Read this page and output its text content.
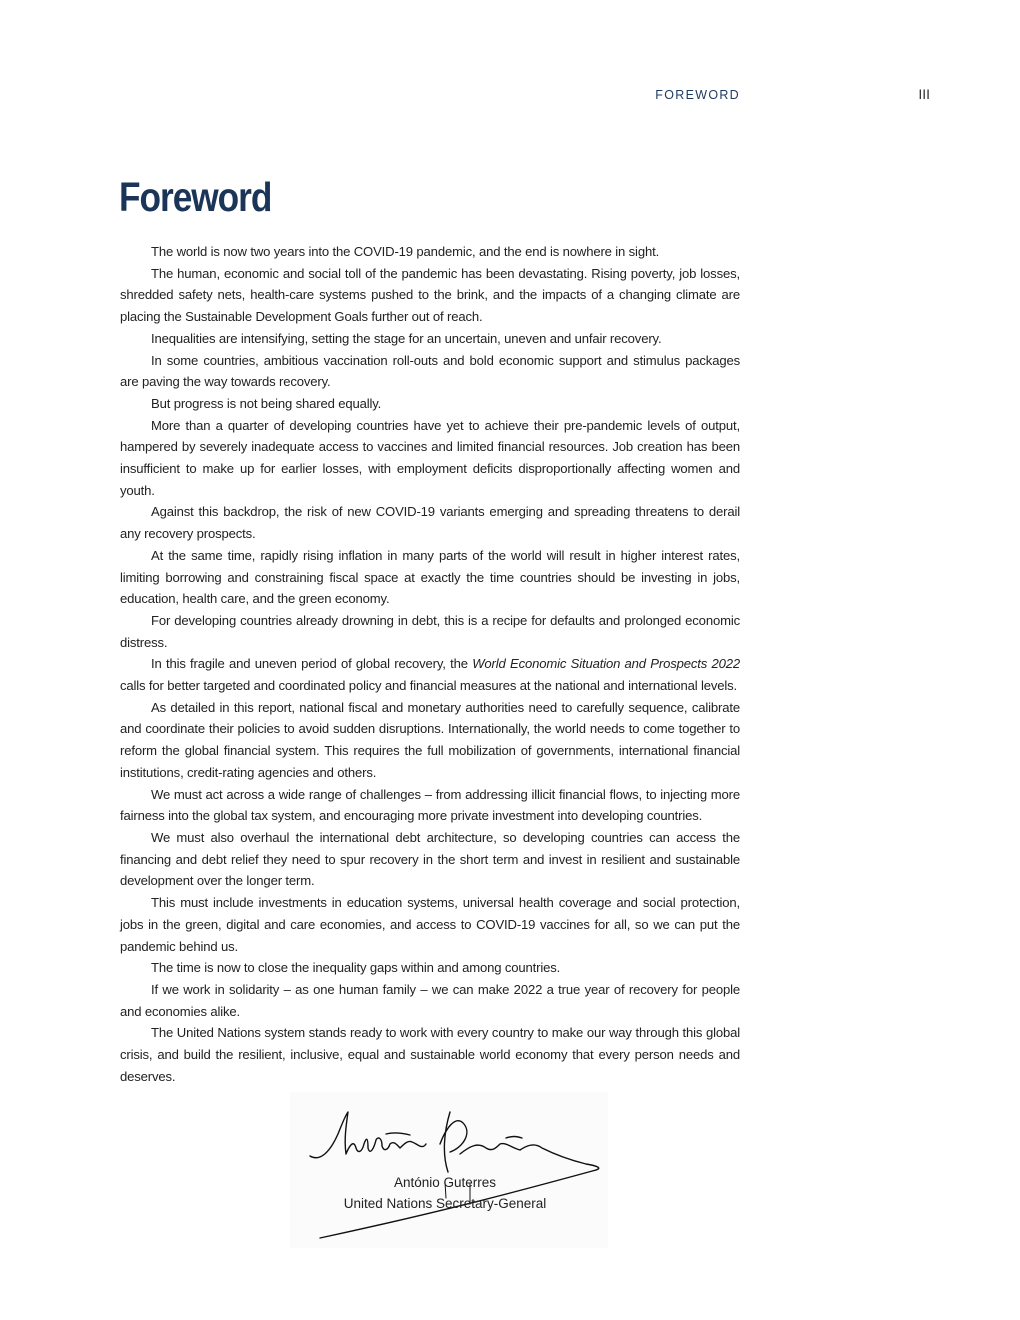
FOREWORD	III
Foreword

The world is now two years into the COVID-19 pandemic, and the end is nowhere in sight.

The human, economic and social toll of the pandemic has been devastating. Rising poverty, job losses, shredded safety nets, health-care systems pushed to the brink, and the impacts of a changing climate are placing the Sustainable Development Goals further out of reach.

Inequalities are intensifying, setting the stage for an uncertain, uneven and unfair recovery.

In some countries, ambitious vaccination roll-outs and bold economic support and stimulus packages are paving the way towards recovery.

But progress is not being shared equally.

More than a quarter of developing countries have yet to achieve their pre-pandemic levels of output, hampered by severely inadequate access to vaccines and limited financial resources. Job creation has been insufficient to make up for earlier losses, with employment deficits disproportionally affecting women and youth.

Against this backdrop, the risk of new COVID-19 variants emerging and spreading threatens to derail any recovery prospects.

At the same time, rapidly rising inflation in many parts of the world will result in higher interest rates, limiting borrowing and constraining fiscal space at exactly the time countries should be investing in jobs, education, health care, and the green economy.

For developing countries already drowning in debt, this is a recipe for defaults and prolonged economic distress.

In this fragile and uneven period of global recovery, the World Economic Situation and Prospects 2022 calls for better targeted and coordinated policy and financial measures at the national and international levels.

As detailed in this report, national fiscal and monetary authorities need to carefully sequence, calibrate and coordinate their policies to avoid sudden disruptions. Internationally, the world needs to come together to reform the global financial system. This requires the full mobilization of governments, international financial institutions, credit-rating agencies and others.

We must act across a wide range of challenges – from addressing illicit financial flows, to injecting more fairness into the global tax system, and encouraging more private investment into developing countries.

We must also overhaul the international debt architecture, so developing countries can access the financing and debt relief they need to spur recovery in the short term and invest in resilient and sustainable development over the longer term.

This must include investments in education systems, universal health coverage and social protection, jobs in the green, digital and care economies, and access to COVID-19 vaccines for all, so we can put the pandemic behind us.

The time is now to close the inequality gaps within and among countries.

If we work in solidarity – as one human family – we can make 2022 a true year of recovery for people and economies alike.

The United Nations system stands ready to work with every country to make our way through this global crisis, and build the resilient, inclusive, equal and sustainable world economy that every person needs and deserves.

António Guterres
United Nations Secretary-General
